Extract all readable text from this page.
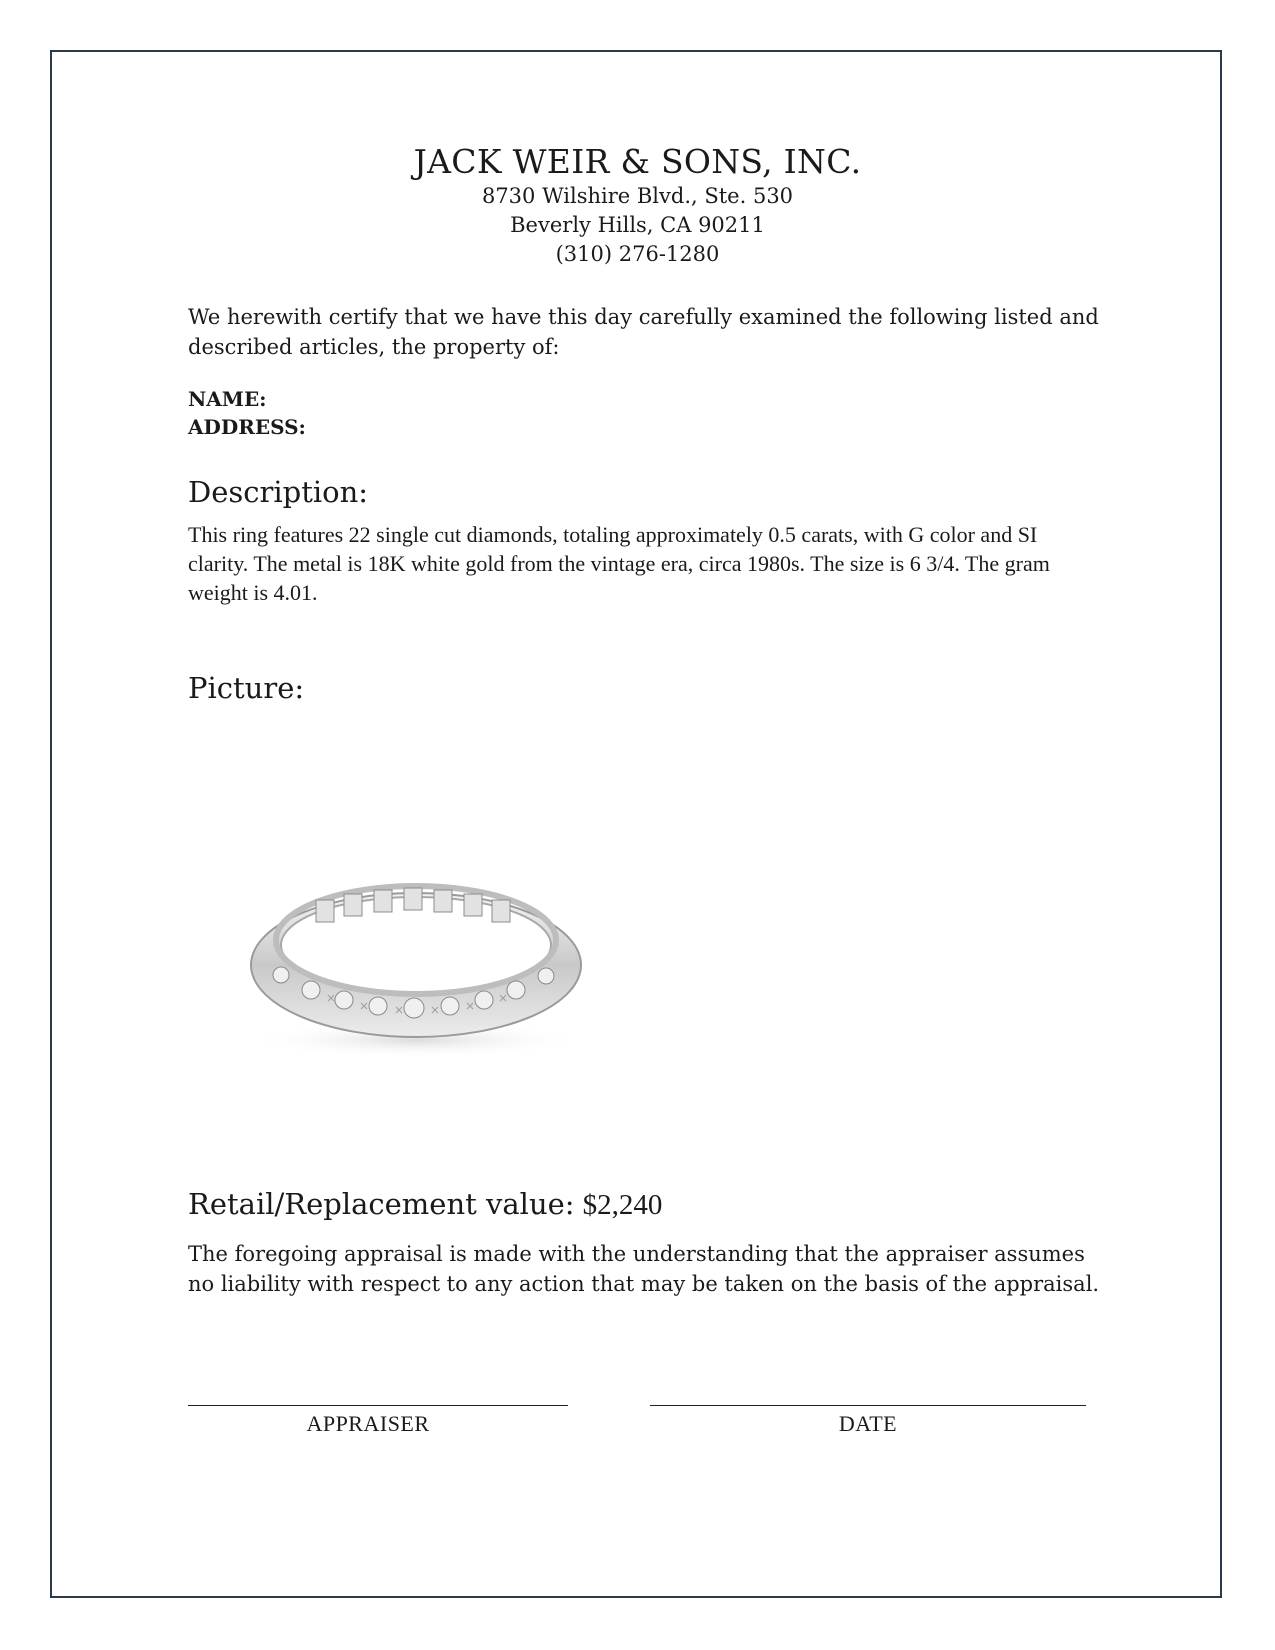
JACK WEIR & SONS, INC.
8730 Wilshire Blvd., Ste. 530
Beverly Hills, CA 90211
(310) 276-1280
We herewith certify that we have this day carefully examined the following listed and described articles, the property of:
NAME:
ADDRESS:
Description:
This ring features 22 single cut diamonds, totaling approximately 0.5 carats, with G color and SI clarity. The metal is 18K white gold from the vintage era, circa 1980s. The size is 6 3/4. The gram weight is 4.01.
Picture:
Retail/Replacement value: $2,240
The foregoing appraisal is made with the understanding that the appraiser assumes no liability with respect to any action that may be taken on the basis of the appraisal.
APPRAISER	DATE
